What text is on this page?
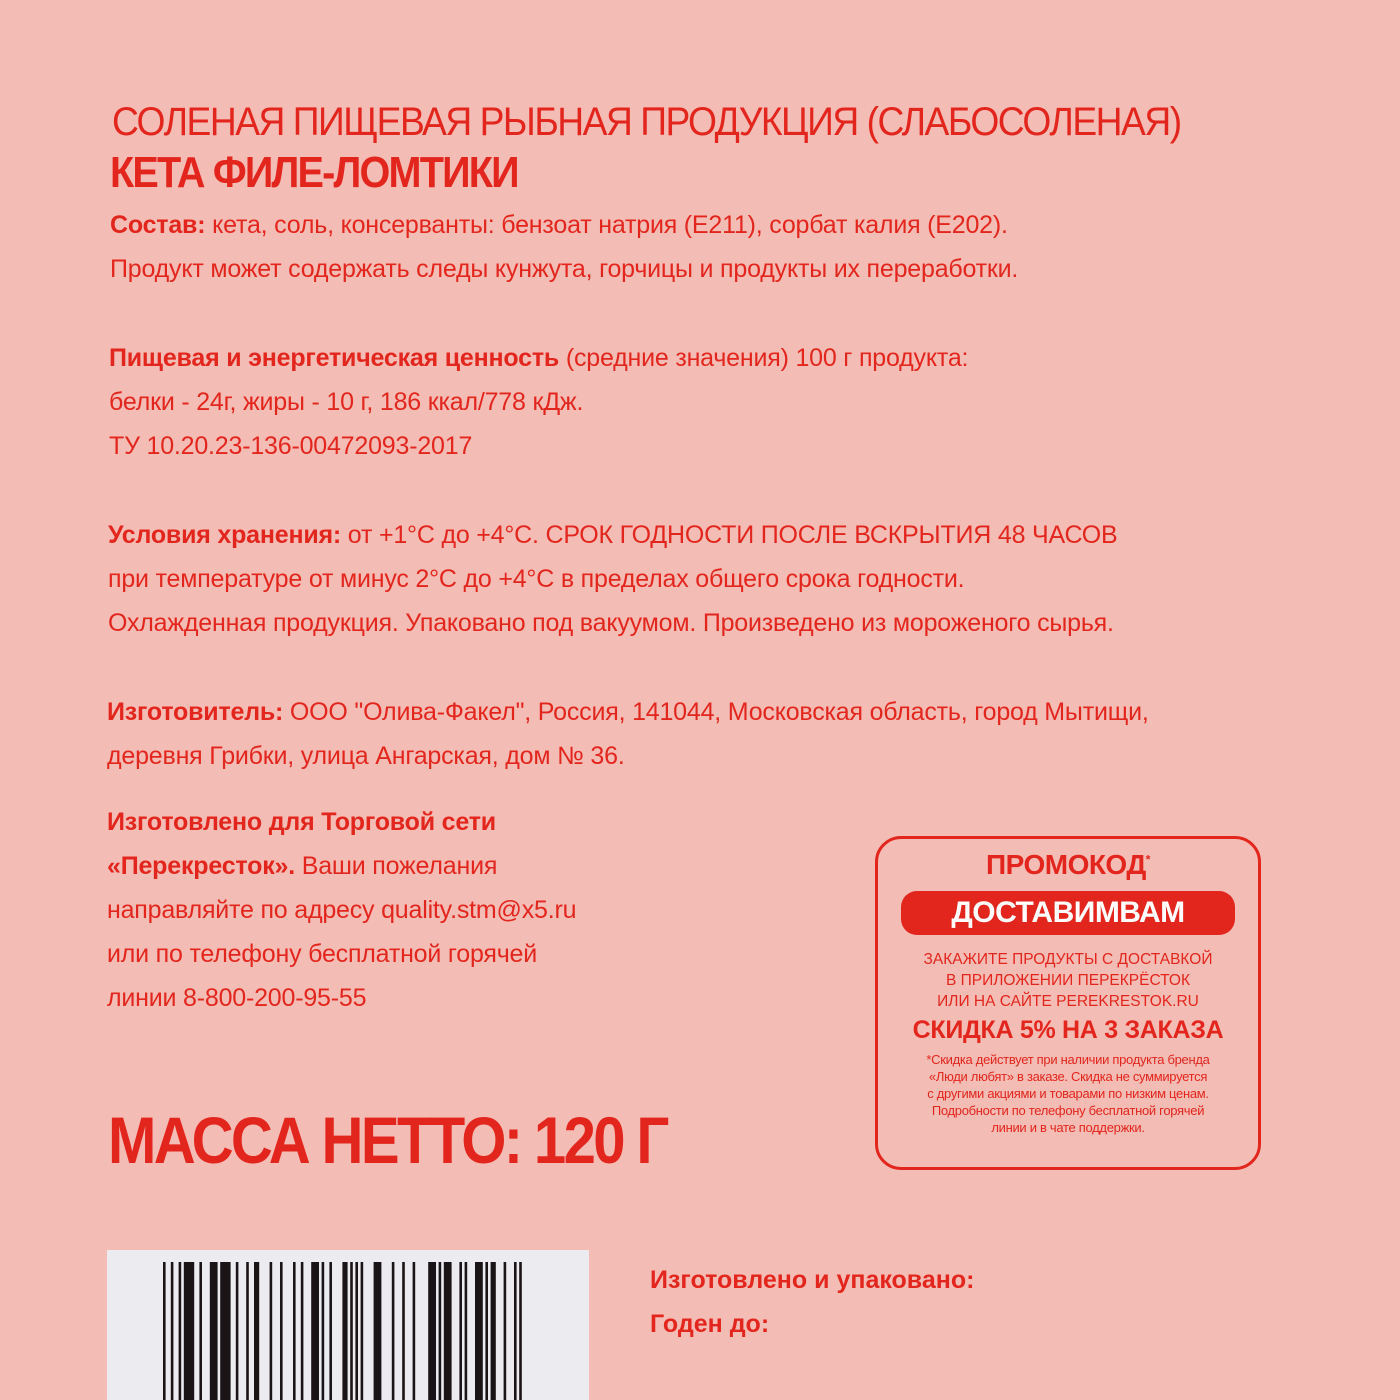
СОЛЕНАЯ ПИЩЕВАЯ РЫБНАЯ ПРОДУКЦИЯ (СЛАБОСОЛЕНАЯ)
КЕТА ФИЛЕ-ЛОМТИКИ
Состав: кета, соль, консерванты: бензоат натрия (Е211), сорбат калия (Е202).
Продукт может содержать следы кунжута, горчицы и продукты их переработки.
Пищевая и энергетическая ценность (средние значения) 100 г продукта:
белки - 24г, жиры - 10 г, 186 ккал/778 кДж.
ТУ 10.20.23-136-00472093-2017
Условия хранения: от +1°С до +4°С. СРОК ГОДНОСТИ ПОСЛЕ ВСКРЫТИЯ 48 ЧАСОВ
при температуре от минус 2°С до +4°С в пределах общего срока годности.
Охлажденная продукция. Упаковано под вакуумом. Произведено из мороженого сырья.
Изготовитель: ООО "Олива-Факел", Россия, 141044, Московская область, город Мытищи,
деревня Грибки, улица Ангарская, дом № 36.
Изготовлено для Торговой сети
«Перекресток». Ваши пожелания
направляйте по адресу quality.stm@x5.ru
или по телефону бесплатной горячей
линии 8-800-200-95-55
МАССА НЕТТО: 120 Г
ПРОМОКОД*
ДОСТАВИМВАМ
ЗАКАЖИТЕ ПРОДУКТЫ С ДОСТАВКОЙ
В ПРИЛОЖЕНИИ ПЕРЕКРЁСТОК
ИЛИ НА САЙТЕ PEREKRESTOK.RU
СКИДКА 5% НА 3 ЗАКАЗА
*Скидка действует при наличии продукта бренда
«Люди любят» в заказе. Скидка не суммируется
с другими акциями и товарами по низким ценам.
Подробности по телефону бесплатной горячей
линии и в чате поддержки.
Изготовлено и упаковано:
Годен до:
